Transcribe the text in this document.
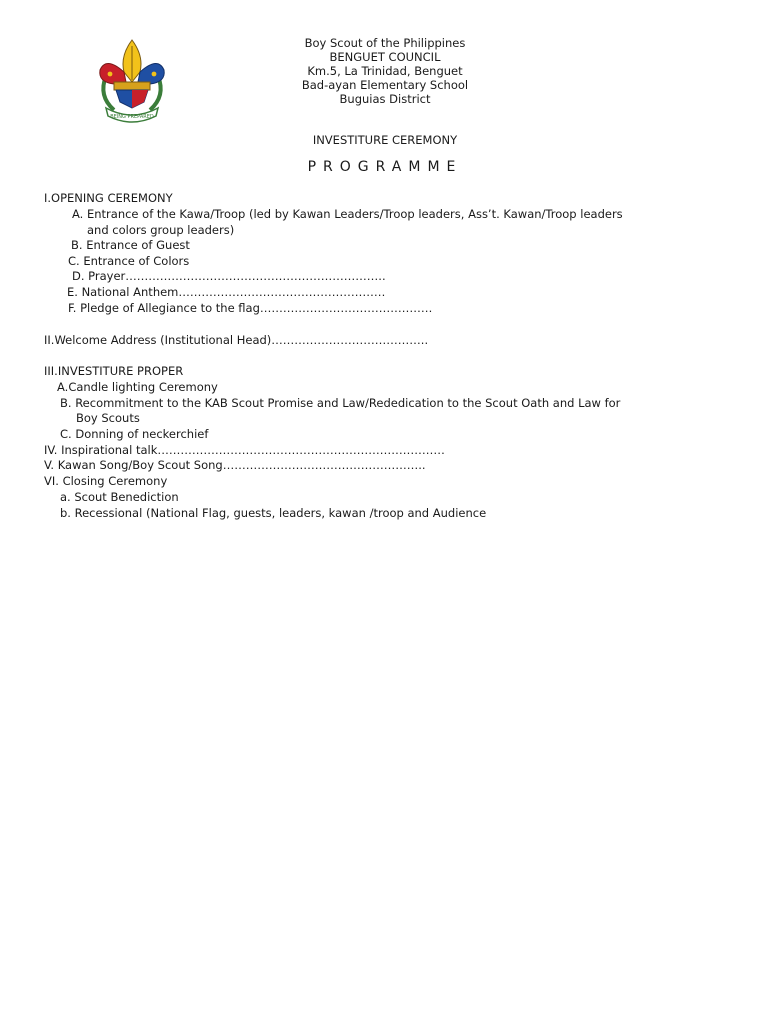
BEING PREPARED
Boy Scout of the Philippines
BENGUET COUNCIL
Km.5, La Trinidad, Benguet
Bad-ayan Elementary School
Buguias District
INVESTITURE CEREMONY
PROGRAMME
I.OPENING CEREMONY
A. Entrance of the Kawa/Troop (led by Kawan Leaders/Troop leaders, Ass’t. Kawan/Troop leaders
and colors group leaders)
B. Entrance of Guest
C. Entrance of Colors
D. Prayer…………………………………………………………..
E. National Anthem………………………………………………
F. Pledge of Allegiance to the flag………………………………………
II.Welcome Address (Institutional Head)…………………………………..
III.INVESTITURE PROPER
A.Candle lighting Ceremony
B. Recommitment to the KAB Scout Promise and Law/Rededication to the Scout Oath and Law for
Boy Scouts
C. Donning of neckerchief
IV. Inspirational talk…………………………………………………………………
V. Kawan Song/Boy Scout Song……………………………………………..
VI. Closing Ceremony
a. Scout Benediction
b. Recessional (National Flag, guests, leaders, kawan /troop and Audience
